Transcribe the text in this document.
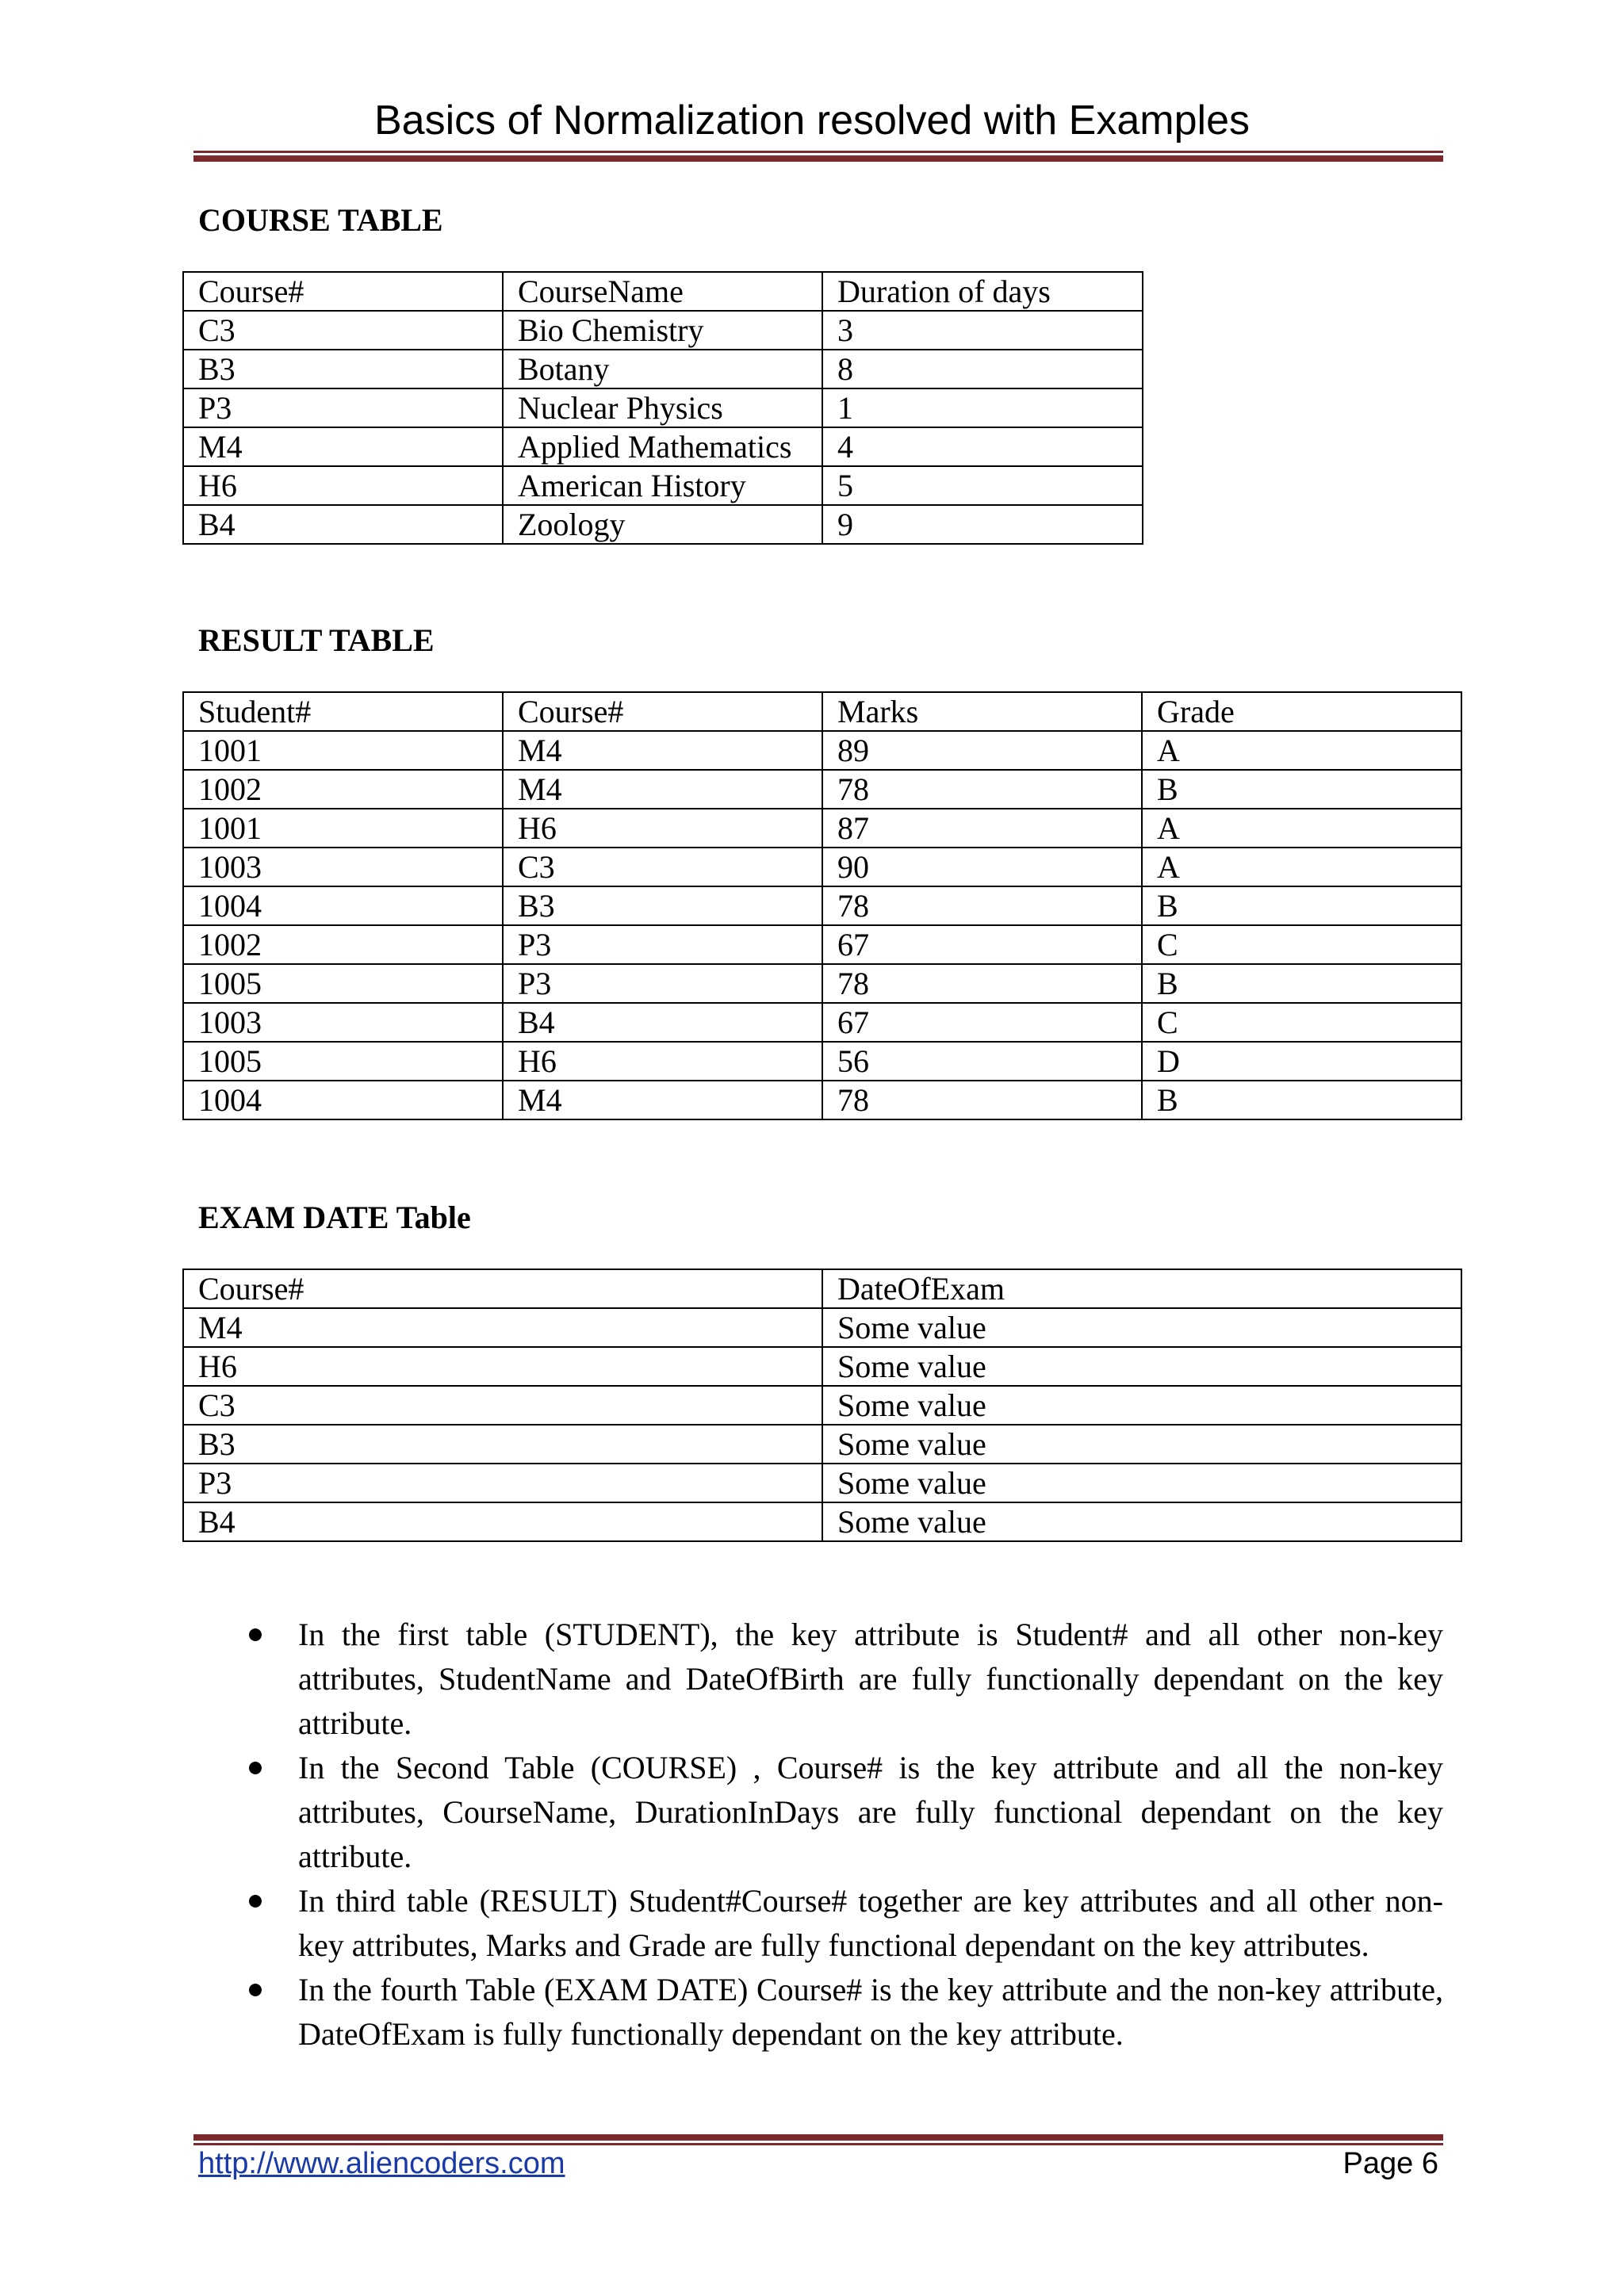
Basics of Normalization resolved with Examples
COURSE TABLE
Course#	CourseName	Duration of days
C3	Bio Chemistry	3
B3	Botany	8
P3	Nuclear Physics	1
M4	Applied Mathematics	4
H6	American History	5
B4	Zoology	9
RESULT TABLE
Student#	Course#	Marks	Grade
1001	M4	89	A
1002	M4	78	B
1001	H6	87	A
1003	C3	90	A
1004	B3	78	B
1002	P3	67	C
1005	P3	78	B
1003	B4	67	C
1005	H6	56	D
1004	M4	78	B
EXAM DATE Table
Course#	DateOfExam
M4	Some value
H6	Some value
C3	Some value
B3	Some value
P3	Some value
B4	Some value
In the first table (STUDENT), the key attribute is Student# and all other non-key attributes, StudentName and DateOfBirth are fully functionally dependant on the key attribute.
In the Second Table (COURSE) , Course# is the key attribute and all the non-key attributes, CourseName, DurationInDays are fully functional dependant on the key attribute.
In third table (RESULT) Student#Course# together are key attributes and all other non-key attributes, Marks and Grade are fully functional dependant on the key attributes.
In the fourth Table (EXAM DATE) Course# is the key attribute and the non-key attribute, DateOfExam is fully functionally dependant on the key attribute.
http://www.aliencoders.com	Page 6
